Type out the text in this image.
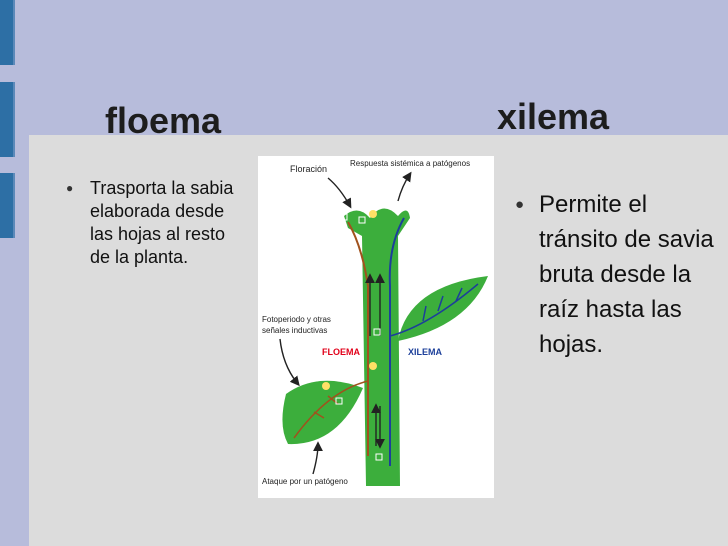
floema	xilema
● Trasporta la sabia elaborada desde las hojas al resto de la planta.
● Permite el tránsito de savia bruta desde la raíz hasta las hojas.
Floración
Respuesta sistémica a patógenos
Fotoperiodo y otras
señales inductivas
FLOEMA	XILEMA
Ataque por un patógeno
